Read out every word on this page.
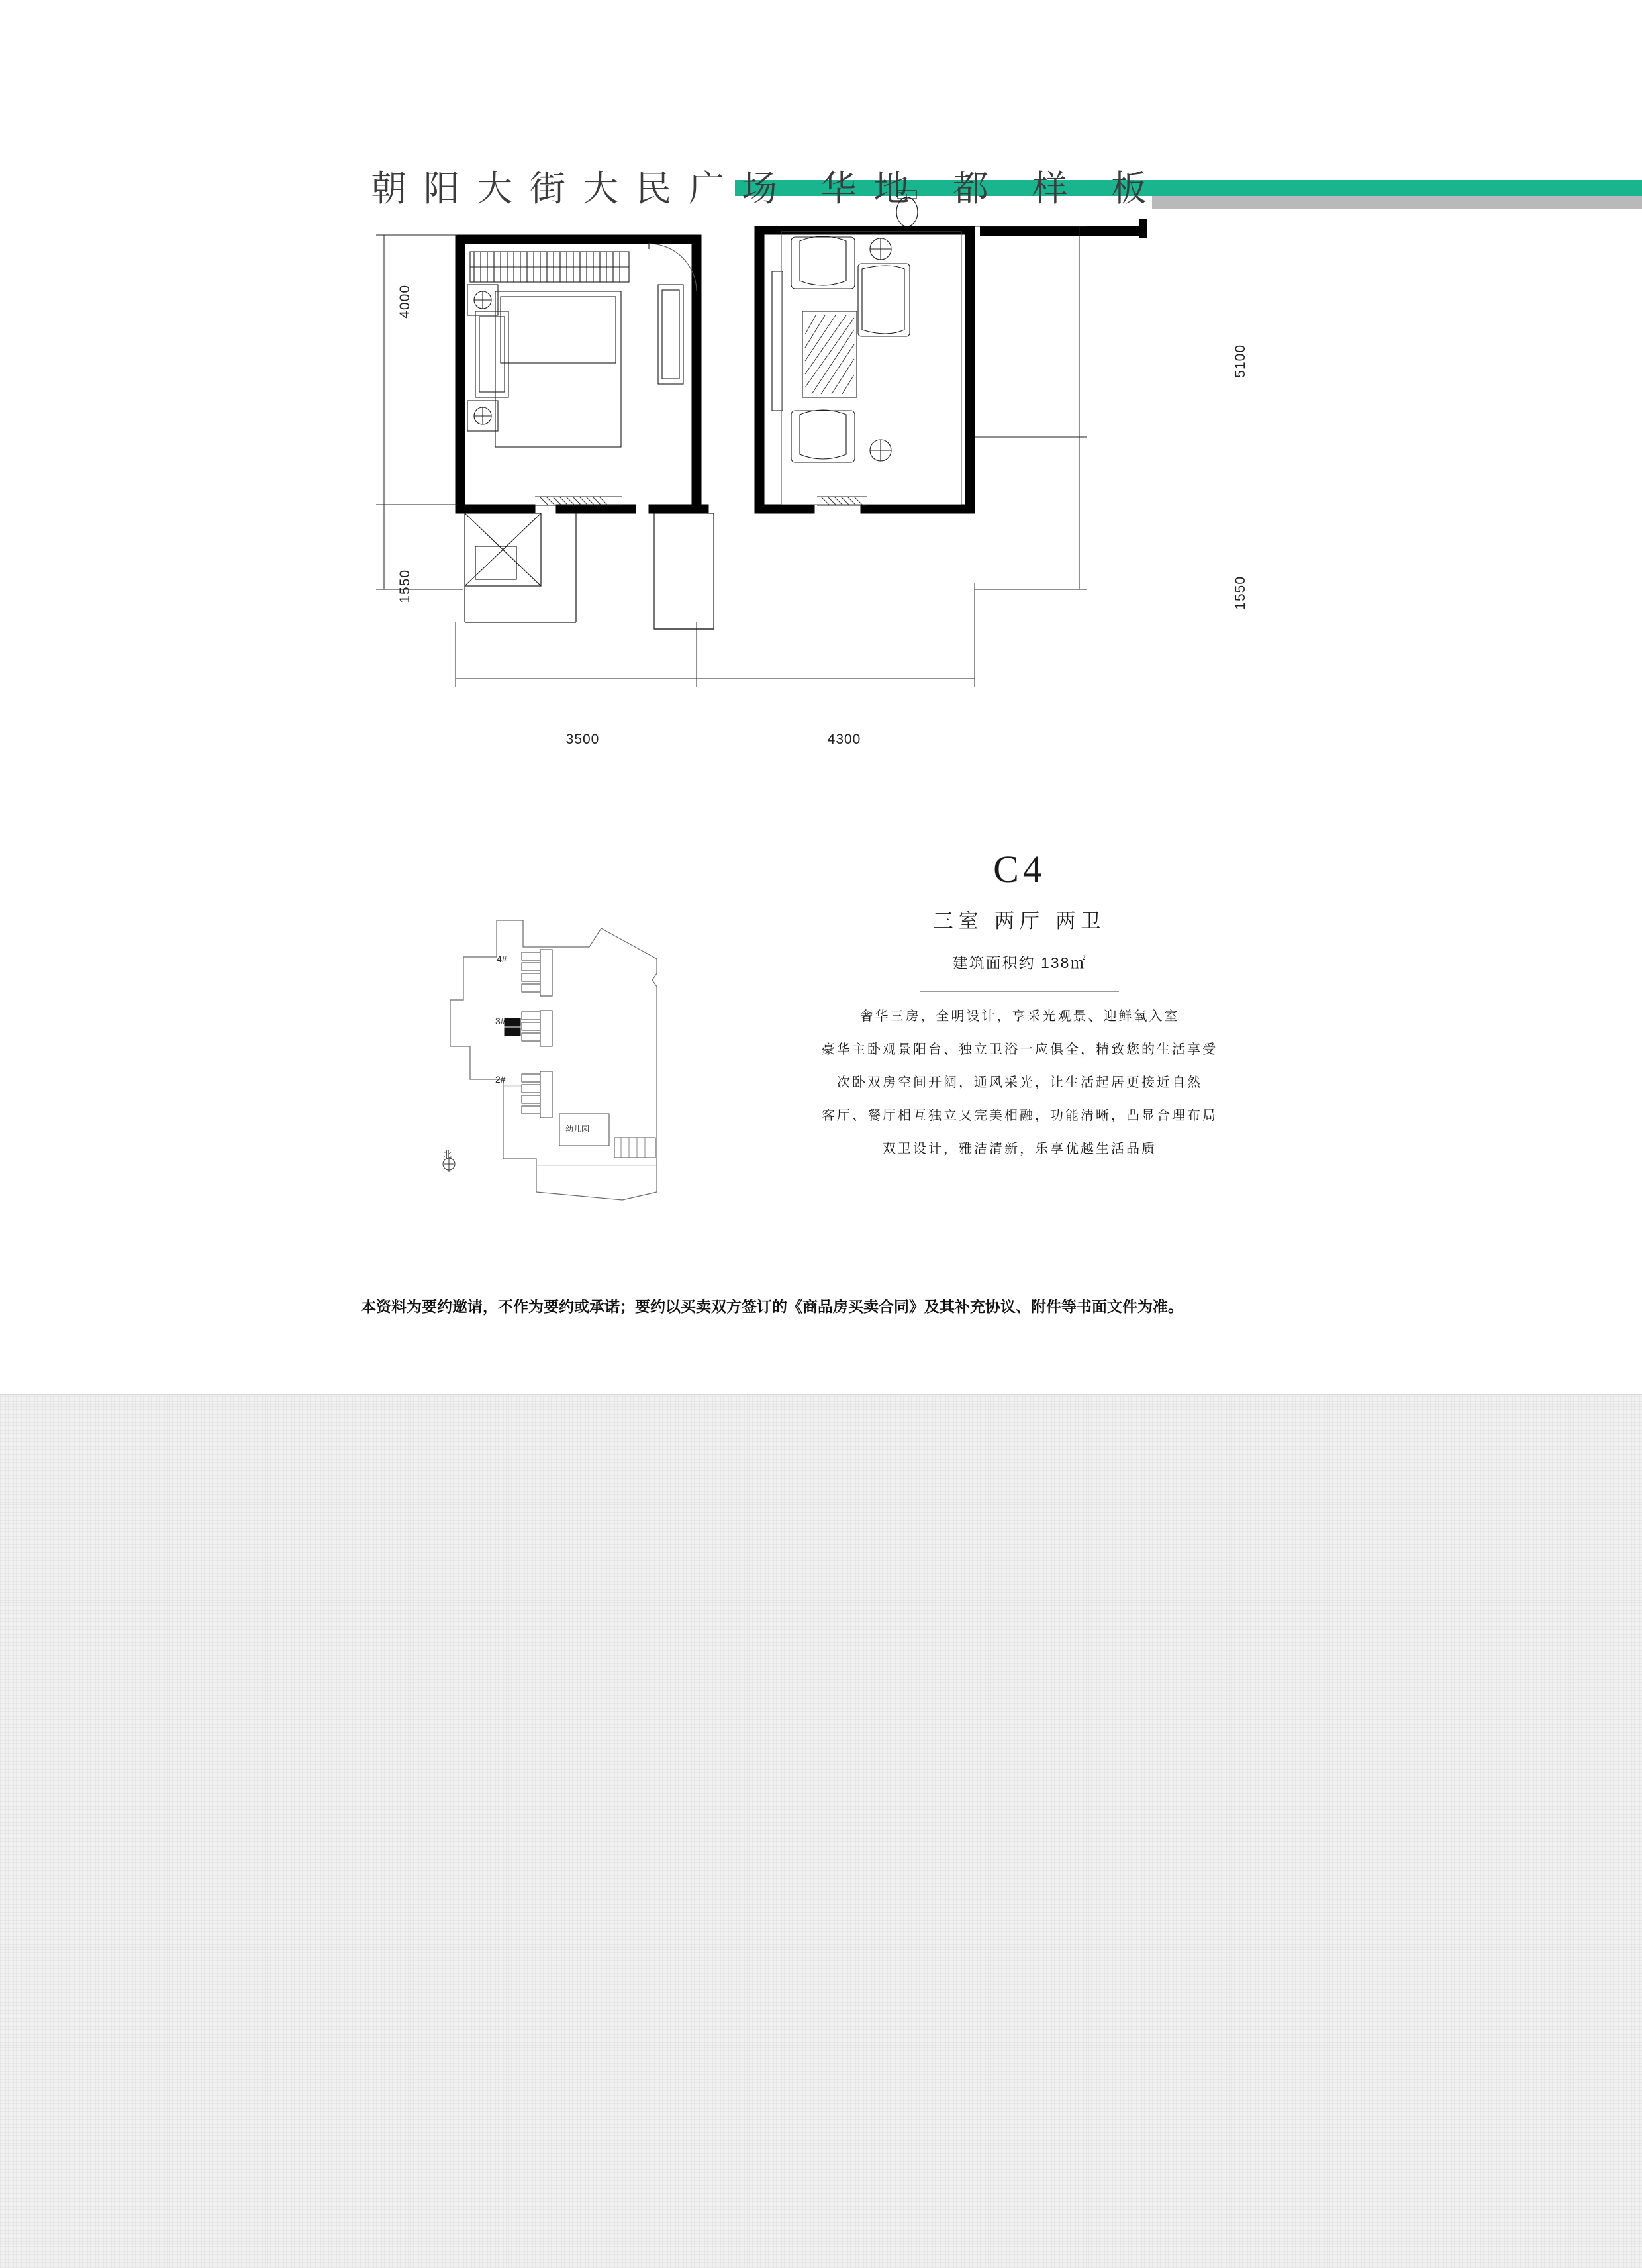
朝阳大街大民广场 华地 都 样 板
4000
1550
5100
1550
3500	4300
4#
3#
2#
幼儿园
北
C4
三室 两厅 两卫
建筑面积约 138㎡
奢华三房，全明设计，享采光观景、迎鲜氧入室
豪华主卧观景阳台、独立卫浴一应俱全，精致您的生活享受
次卧双房空间开阔，通风采光，让生活起居更接近自然
客厅、餐厅相互独立又完美相融，功能清晰，凸显合理布局
双卫设计，雅洁清新，乐享优越生活品质
本资料为要约邀请，不作为要约或承诺；要约以买卖双方签订的《商品房买卖合同》及其补充协议、附件等书面文件为准。
